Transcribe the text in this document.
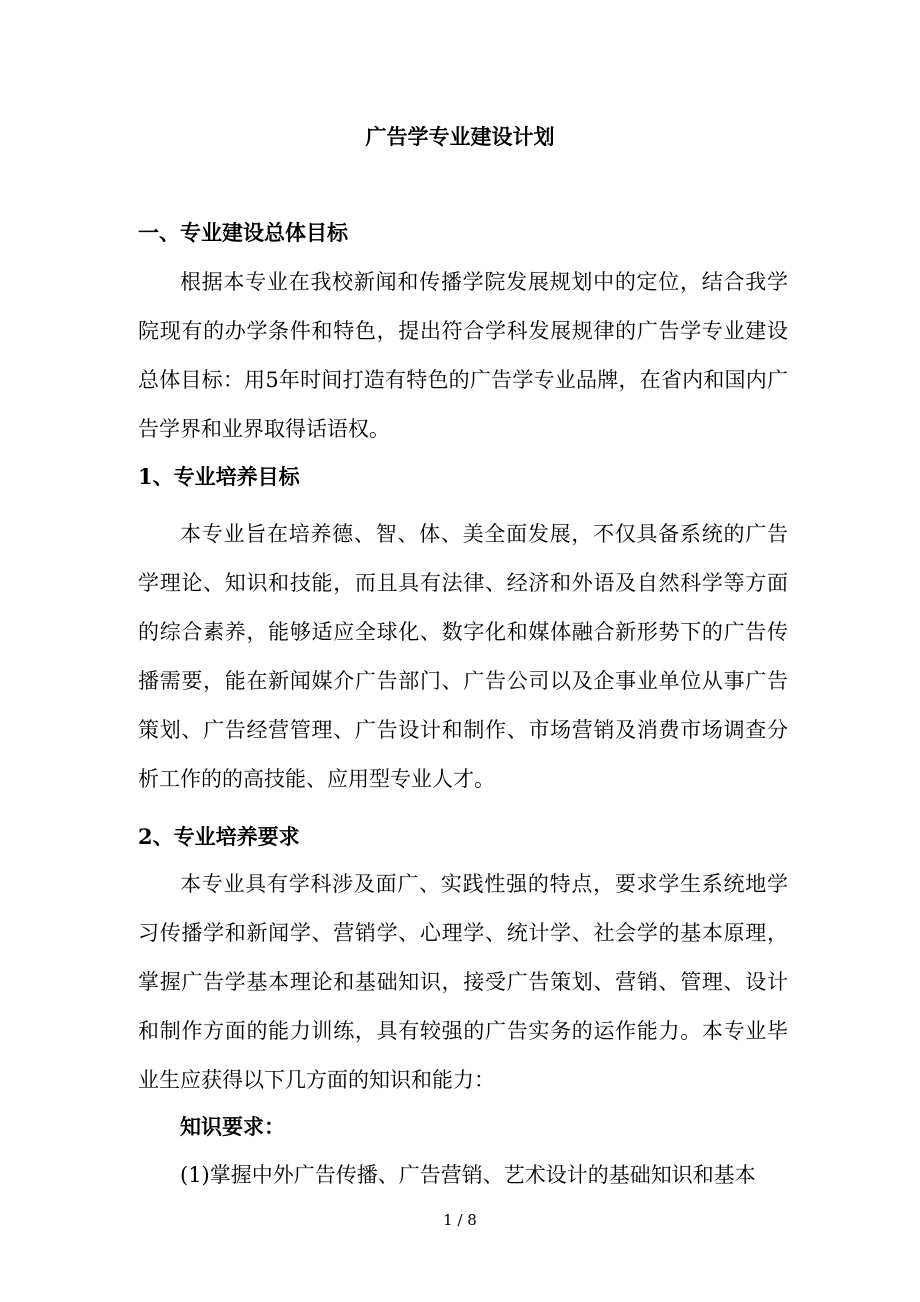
广告学专业建设计划
一、专业建设总体目标

根据本专业在我校新闻和传播学院发展规划中的定位，结合我学院现有的办学条件和特色，提出符合学科发展规律的广告学专业建设总体目标：用5年时间打造有特色的广告学专业品牌，在省内和国内广告学界和业界取得话语权。

1、专业培养目标

本专业旨在培养德、智、体、美全面发展，不仅具备系统的广告学理论、知识和技能，而且具有法律、经济和外语及自然科学等方面的综合素养，能够适应全球化、数字化和媒体融合新形势下的广告传播需要，能在新闻媒介广告部门、广告公司以及企事业单位从事广告策划、广告经营管理、广告设计和制作、市场营销及消费市场调查分析工作的的高技能、应用型专业人才。

2、专业培养要求

本专业具有学科涉及面广、实践性强的特点，要求学生系统地学习传播学和新闻学、营销学、心理学、统计学、社会学的基本原理，掌握广告学基本理论和基础知识，接受广告策划、营销、管理、设计和制作方面的能力训练，具有较强的广告实务的运作能力。本专业毕业生应获得以下几方面的知识和能力：

知识要求：
(1)掌握中外广告传播、广告营销、艺术设计的基础知识和基本
1 / 8
